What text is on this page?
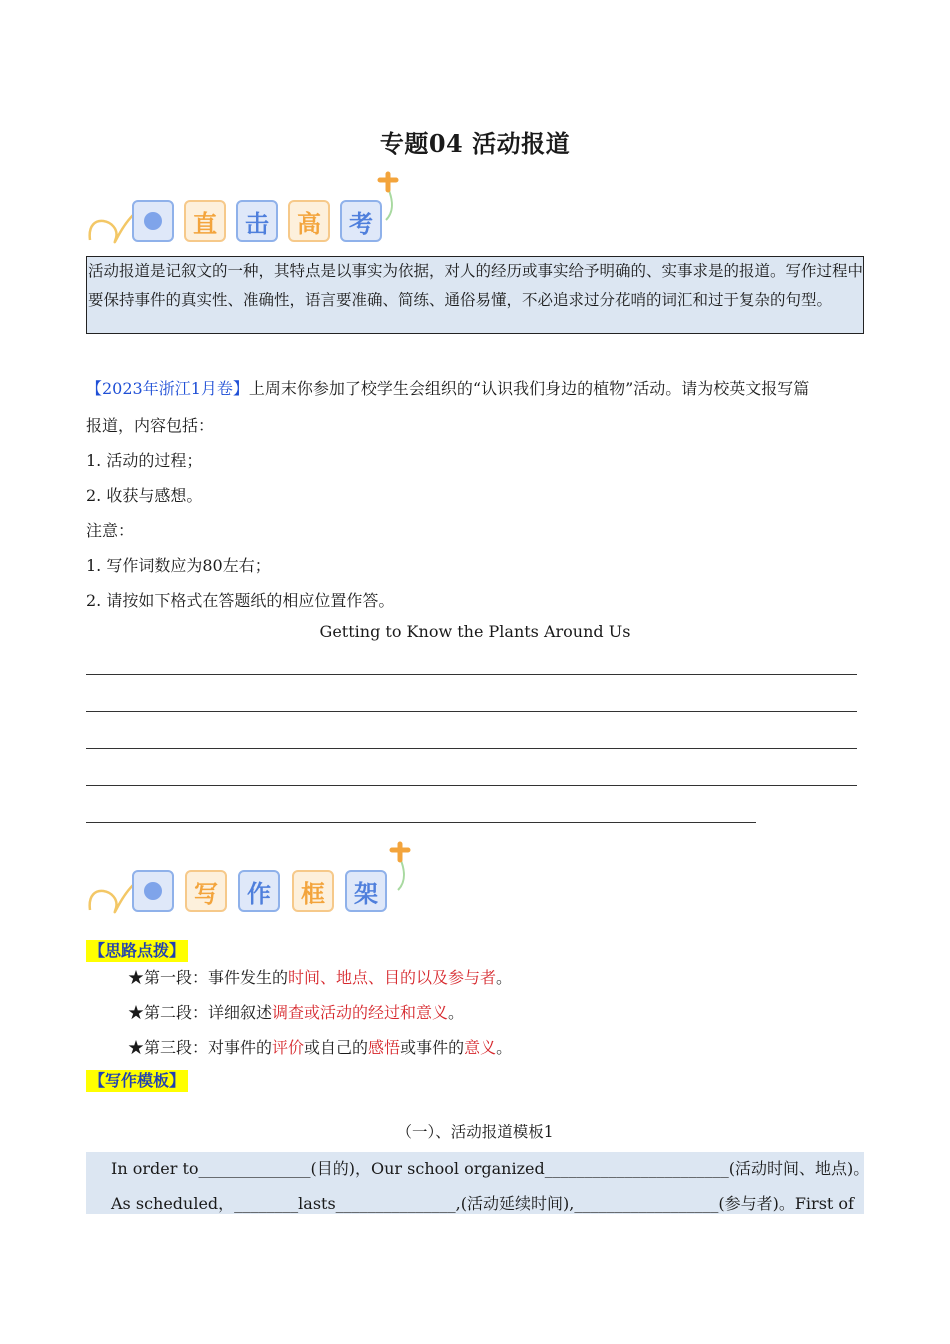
专题04 活动报道
直	击	高	考
活动报道是记叙文的一种，其特点是以事实为依据，对人的经历或事实给予明确的、实事求是的报道。写作过程中要保持事件的真实性、准确性，语言要准确、简练、通俗易懂，不必追求过分花哨的词汇和过于复杂的句型。
【2023年浙江1月卷】上周末你参加了校学生会组织的“认识我们身边的植物”活动。请为校英文报写篇
报道，内容包括：
1. 活动的过程；
2. 收获与感想。
注意：
1. 写作词数应为80左右；
2. 请按如下格式在答题纸的相应位置作答。
Getting to Know the Plants Around Us
写	作	框	架
【思路点拨】
★第一段：事件发生的时间、地点、目的以及参与者。
★第二段：详细叙述调查或活动的经过和意义。
★第三段：对事件的评价或自己的感悟或事件的意义。
【写作模板】
（一）、活动报道模板1
In order to______________(目的)，Our school organized_______________________(活动时间、地点)。
As scheduled，________lasts_______________,(活动延续时间),__________________(参与者)。First of
